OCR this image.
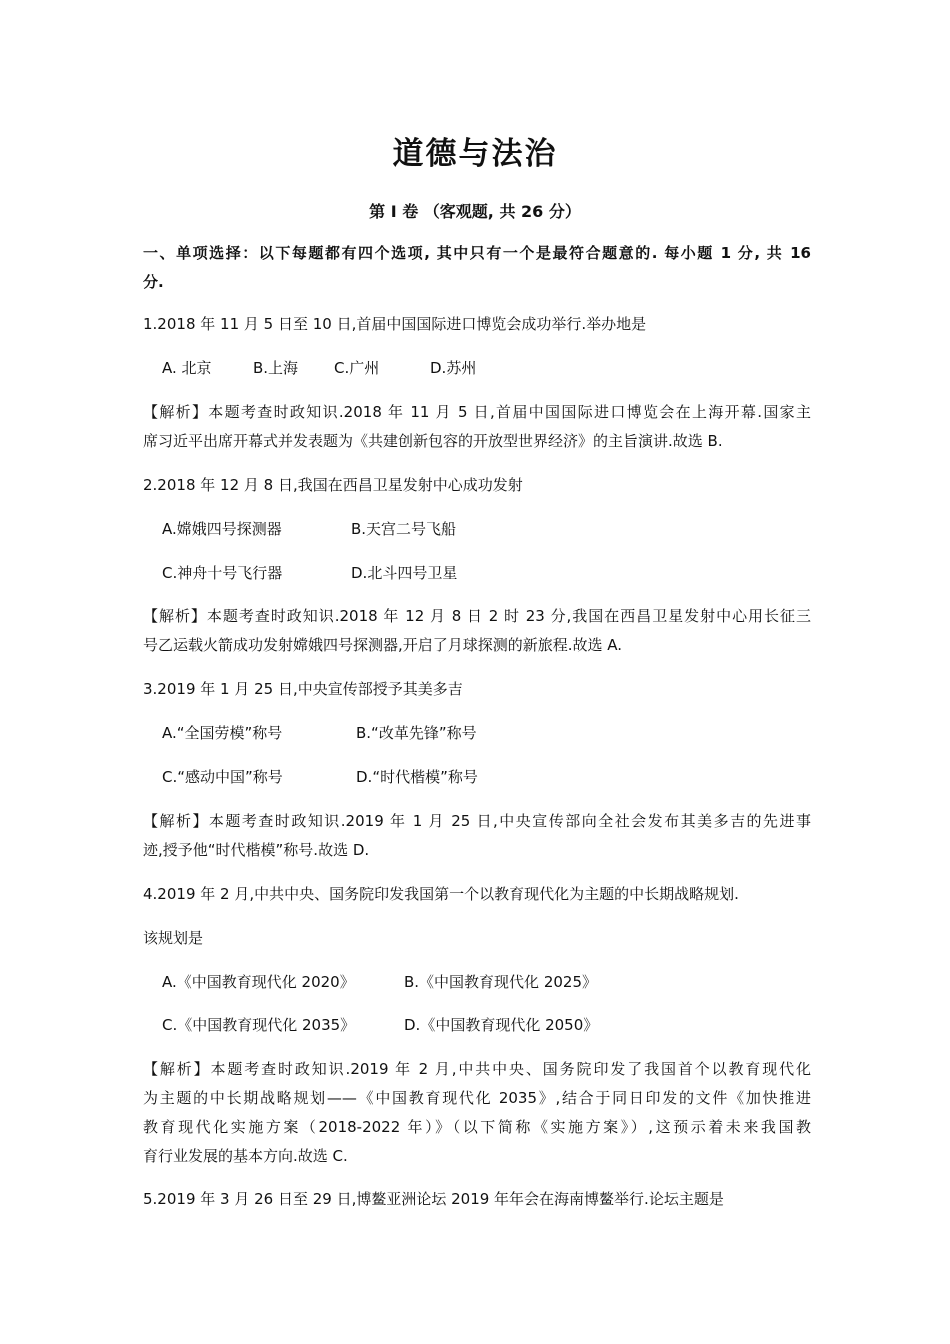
道德与法治
第 I 卷 （客观题, 共 26 分）
一、单项选择：以下每题都有四个选项, 其中只有一个是最符合题意的. 每小题 1 分, 共 16
分.
1.2018 年 11 月 5 日至 10 日,首届中国国际进口博览会成功举行.举办地是
A. 北京	B.上海 C.广州	D.苏州
【解析】本题考查时政知识.2018 年 11 月 5 日,首届中国国际进口博览会在上海开幕.国家主
席习近平出席开幕式并发表题为《共建创新包容的开放型世界经济》的主旨演讲.故选 B.
2.2018 年 12 月 8 日,我国在西昌卫星发射中心成功发射
A.嫦娥四号探测器	B.天宫二号飞船
C.神舟十号飞行器	D.北斗四号卫星
【解析】本题考查时政知识.2018 年 12 月 8 日 2 时 23 分,我国在西昌卫星发射中心用长征三
号乙运载火箭成功发射嫦娥四号探测器,开启了月球探测的新旅程.故选 A.
3.2019 年 1 月 25 日,中央宣传部授予其美多吉
A.“全国劳模”称号	B.“改革先锋”称号
C.“感动中国”称号	D.“时代楷模”称号
【解析】本题考查时政知识.2019 年 1 月 25 日,中央宣传部向全社会发布其美多吉的先进事
迹,授予他“时代楷模”称号.故选 D.
4.2019 年 2 月,中共中央、国务院印发我国第一个以教育现代化为主题的中长期战略规划.
该规划是
A.《中国教育现代化 2020》	B.《中国教育现代化 2025》
C.《中国教育现代化 2035》	D.《中国教育现代化 2050》
【解析】本题考查时政知识.2019 年 2 月,中共中央、国务院印发了我国首个以教育现代化
为主题的中长期战略规划——《中国教育现代化 2035》,结合于同日印发的文件《加快推进
教育现代化实施方案（2018-2022 年）》（以下简称《实施方案》）,这预示着未来我国教
育行业发展的基本方向.故选 C.
5.2019 年 3 月 26 日至 29 日,博鳌亚洲论坛 2019 年年会在海南博鳌举行.论坛主题是
